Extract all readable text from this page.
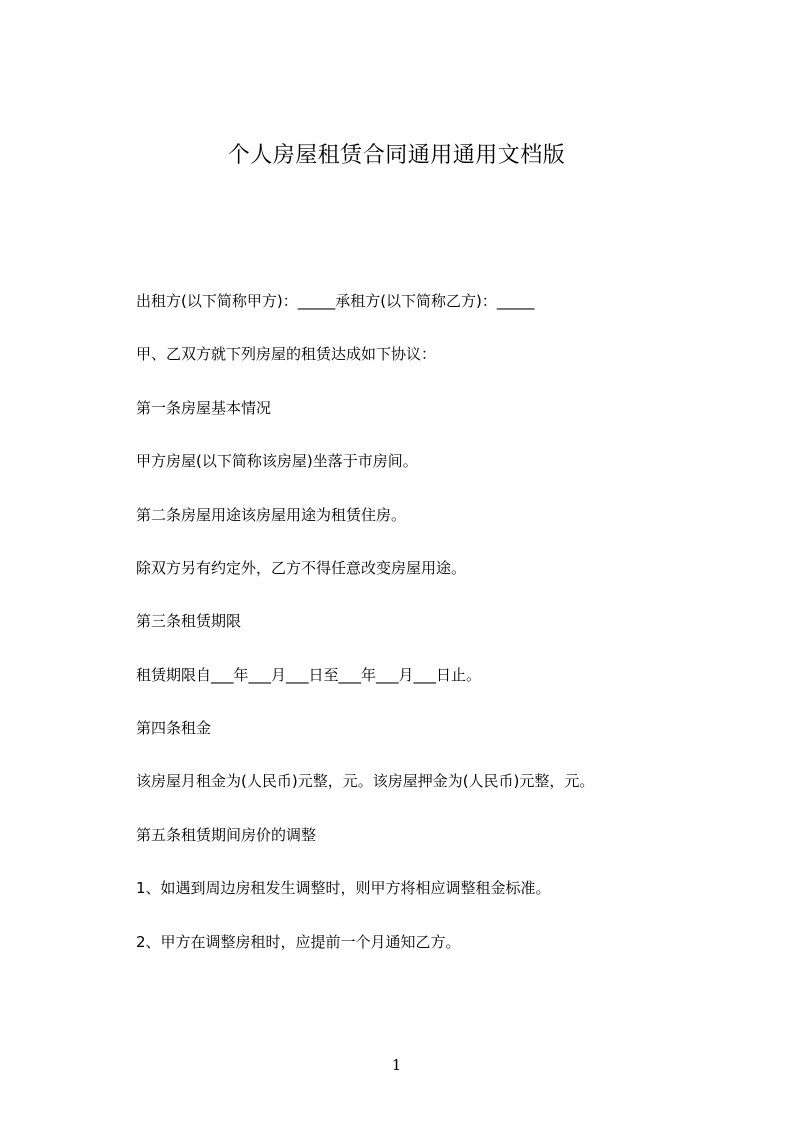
个人房屋租赁合同通用通用文档版

出租方(以下简称甲方)：_____承租方(以下简称乙方)：_____

甲、乙双方就下列房屋的租赁达成如下协议：

第一条房屋基本情况

甲方房屋(以下简称该房屋)坐落于市房间。

第二条房屋用途该房屋用途为租赁住房。

除双方另有约定外，乙方不得任意改变房屋用途。

第三条租赁期限

租赁期限自___年___月___日至___年___月___日止。

第四条租金

该房屋月租金为(人民币)元整，元。该房屋押金为(人民币)元整，元。

第五条租赁期间房价的调整

1、如遇到周边房租发生调整时，则甲方将相应调整租金标准。

2、甲方在调整房租时，应提前一个月通知乙方。

1
